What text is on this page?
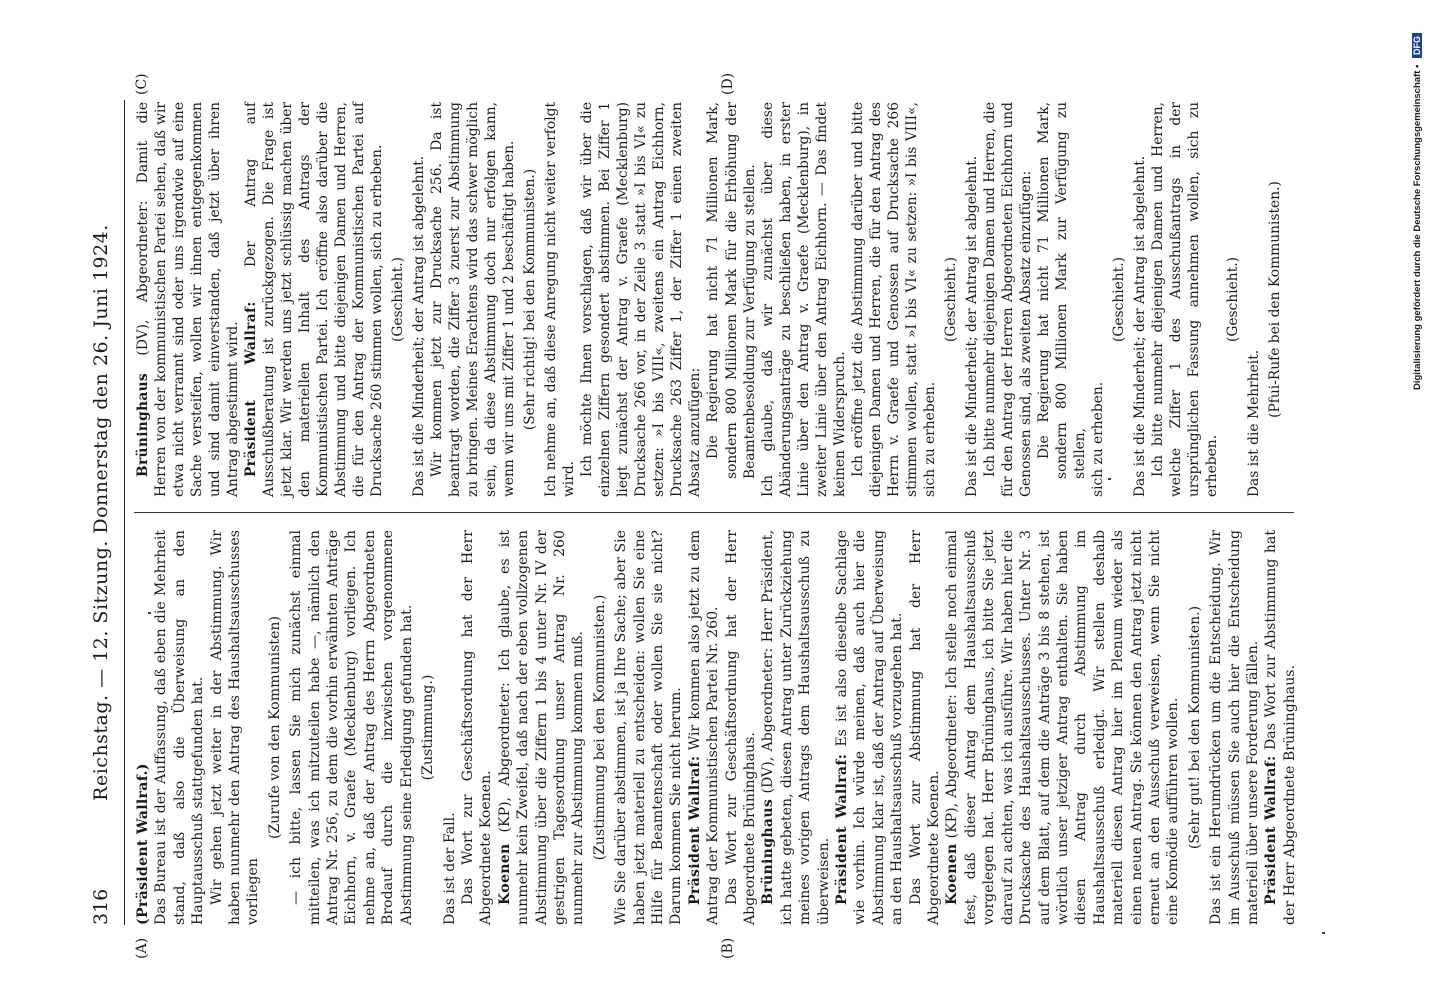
316
Reichstag. — 12. Sitzung. Donnerstag den 26. Juni 1924.
(A)	(B)
(C)	(D)

(Präsident Wallraf.) Das Bureau ist der Auffassung, daß eben die Mehrheit stand, daß also die Überweisung an den Hauptausschuß stattgefunden hat. Wir gehen jetzt weiter in der Abstimmung. Wir haben nunmehr den Antrag des Haushaltsausschusses vorliegen

(Zurufe von den Kommunisten) — ich bitte, lassen Sie mich zunächst einmal mitteilen, was ich mitzuteilen habe —, nämlich den Antrag Nr. 256, zu dem die vorhin erwähnten Anträge Eichhorn, v. Graefe (Mecklenburg) vorliegen. Ich nehme an, daß der Antrag des Herrn Abgeordneten Brodauf durch die inzwischen vorgenommene Abstimmung seine Erledigung gefunden hat. (Zustimmung.)

Das ist der Fall. Das Wort zur Geschäftsordnung hat der Herr Abgeordnete Koenen. Koenen (KP), Abgeordneter: Ich glaube, es ist nunmehr kein Zweifel, daß nach der eben vollzogenen Abstimmung über die Ziffern 1 bis 4 unter Nr. IV der gestrigen Tagesordnung unser Antrag Nr. 260 nunmehr zur Abstimmung kommen muß. (Zustimmung bei den Kommunisten.) Wie Sie darüber abstimmen, ist ja Ihre Sache; aber Sie haben jetzt materiell zu entscheiden: wollen Sie eine Hilfe für Beamtenschaft oder wollen Sie sie nicht? Darum kommen Sie nicht herum. Präsident Wallraf: Wir kommen also jetzt zu dem Antrag der Kommunistischen Partei Nr. 260. Das Wort zur Geschäftsordnung hat der Herr Abgeordnete Brüninghaus. Brüninghaus (DV), Abgeordneter: Herr Präsident, ich hatte gebeten, diesen Antrag unter Zurückziehung meines vorigen Antrags dem Haushaltsausschuß zu überweisen. Präsident Wallraf: Es ist also dieselbe Sachlage wie vorhin. Ich würde meinen, daß auch hier die Abstimmung klar ist, daß der Antrag auf Überweisung an den Haushaltsausschuß vorzugehen hat. Das Wort zur Abstimmung hat der Herr Abgeordnete Koenen. Koenen (KP), Abgeordneter: Ich stelle noch einmal fest, daß dieser Antrag dem Haushaltsausschuß vorgelegen hat. Herr Brüninghaus, ich bitte Sie jetzt darauf zu achten, was ich ausführe. Wir haben hier die Drucksache des Haushaltsausschusses. Unter Nr. 3 auf dem Blatt, auf dem die Anträge 3 bis 8 stehen, ist wörtlich unser jetziger Antrag enthalten. Sie haben diesen Antrag durch Abstimmung im Haushaltsausschuß erledigt. Wir stellen deshalb materiell diesen Antrag hier im Plenum wieder als einen neuen Antrag. Sie können den Antrag jetzt nicht erneut an den Ausschuß verweisen, wenn Sie nicht eine Komödie aufführen wollen. (Sehr gut! bei den Kommunisten.) Das ist ein Herumdrücken um die Entscheidung. Wir im Ausschuß müssen Sie auch hier die Entscheidung materiell über unsere Forderung fällen. Präsident Wallraf: Das Wort zur Abstimmung hat der Herr Abgeordnete Brüninghaus.

Brüninghaus (DV), Abgeordneter: Damit die Herren von der kommunistischen Partei sehen, daß wir etwa nicht verrannt sind oder uns irgendwie auf eine Sache versteifen, wollen wir ihnen entgegenkommen und sind damit einverstanden, daß jetzt über ihren Antrag abgestimmt wird. Präsident Wallraf: Der Antrag auf Ausschußberatung ist zurückgezogen. Die Frage ist jetzt klar. Wir werden uns jetzt schlüssig machen über den materiellen Inhalt des Antrags der Kommunistischen Partei. Ich eröffne also darüber die Abstimmung und bitte diejenigen Damen und Herren, die für den Antrag der Kommunistischen Partei auf Drucksache 260 stimmen wollen, sich zu erheben. (Geschieht.) Das ist die Minderheit; der Antrag ist abgelehnt. Wir kommen jetzt zur Drucksache 256. Da ist beantragt worden, die Ziffer 3 zuerst zur Abstimmung zu bringen. Meines Erachtens wird das schwer möglich sein, da diese Abstimmung doch nur erfolgen kann, wenn wir uns mit Ziffer 1 und 2 beschäftigt haben. (Sehr richtig! bei den Kommunisten.) Ich nehme an, daß diese Anregung nicht weiter verfolgt wird.

Ich möchte Ihnen vorschlagen, daß wir über die einzelnen Ziffern gesondert abstimmen. Bei Ziffer 1 liegt zunächst der Antrag v. Graefe (Mecklenburg) Drucksache 266 vor, in der Zeile 3 statt »I bis VI« zu setzen: »I bis VIII«, zweitens ein Antrag Eichhorn, Drucksache 263 Ziffer 1, der Ziffer 1 einen zweiten Absatz anzufügen: Die Regierung hat nicht 71 Millionen Mark, sondern 800 Millionen Mark für die Erhöhung der Beamtenbesoldung zur Verfügung zu stellen. Ich glaube, daß wir zunächst über diese Abänderungsanträge zu beschließen haben, in erster Linie über den Antrag v. Graefe (Mecklenburg), in zweiter Linie über den Antrag Eichhorn. — Das findet keinen Widerspruch. Ich eröffne jetzt die Abstimmung darüber und bitte diejenigen Damen und Herren, die für den Antrag des Herrn v. Graefe und Genossen auf Drucksache 266 stimmen wollen, statt »I bis VI« zu setzen: »I bis VIII«, sich zu erheben.

(Geschieht.) Das ist die Minderheit; der Antrag ist abgelehnt. Ich bitte nunmehr diejenigen Damen und Herren, die für den Antrag der Herren Abgeordneten Eichhorn und Genossen sind, als zweiten Absatz einzufügen: Die Regierung hat nicht 71 Millionen Mark, sondern 800 Millionen Mark zur Verfügung zu stellen, sich zu erheben.

(Geschieht.) Das ist die Minderheit; der Antrag ist abgelehnt. Ich bitte nunmehr diejenigen Damen und Herren, welche Ziffer 1 des Ausschußantrags in der ursprünglichen Fassung annehmen wollen, sich zu erheben.

(Geschieht.)

Das ist die Mehrheit.

(Pfui-Rufe bei den Kommunisten.)	Digitalisierung gefördert durch die Deutsche Forschungsgemeinschaft • DFG
